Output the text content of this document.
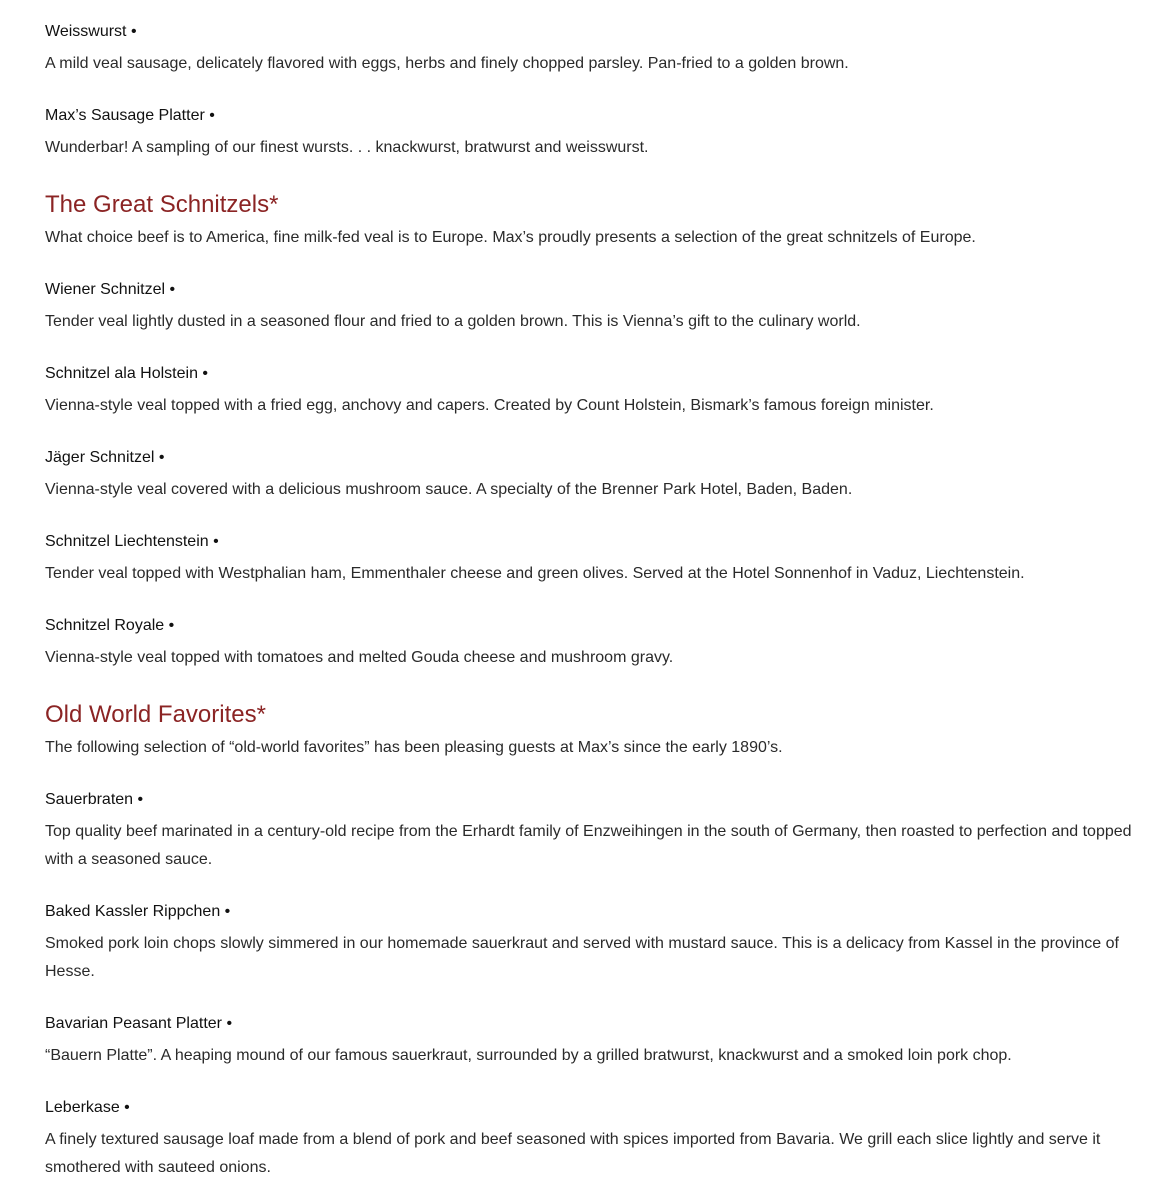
Weisswurst •

A mild veal sausage, delicately flavored with eggs, herbs and finely chopped parsley. Pan-fried to a golden brown.

Max’s Sausage Platter •

Wunderbar! A sampling of our finest wursts. . . knackwurst, bratwurst and weisswurst.

The Great Schnitzels*

What choice beef is to America, fine milk-fed veal is to Europe. Max’s proudly presents a selection of the great schnitzels of Europe.

Wiener Schnitzel •

Tender veal lightly dusted in a seasoned flour and fried to a golden brown. This is Vienna’s gift to the culinary world.

Schnitzel ala Holstein •

Vienna-style veal topped with a fried egg, anchovy and capers. Created by Count Holstein, Bismark’s famous foreign minister.

Jäger Schnitzel •

Vienna-style veal covered with a delicious mushroom sauce. A specialty of the Brenner Park Hotel, Baden, Baden.

Schnitzel Liechtenstein •

Tender veal topped with Westphalian ham, Emmenthaler cheese and green olives. Served at the Hotel Sonnenhof in Vaduz, Liechtenstein.

Schnitzel Royale •

Vienna-style veal topped with tomatoes and melted Gouda cheese and mushroom gravy.

Old World Favorites*

The following selection of “old-world favorites” has been pleasing guests at Max’s since the early 1890’s.

Sauerbraten •

Top quality beef marinated in a century-old recipe from the Erhardt family of Enzweihingen in the south of Germany, then roasted to perfection and topped with a seasoned sauce.

Baked Kassler Rippchen •

Smoked pork loin chops slowly simmered in our homemade sauerkraut and served with mustard sauce. This is a delicacy from Kassel in the province of Hesse.

Bavarian Peasant Platter •

“Bauern Platte”. A heaping mound of our famous sauerkraut, surrounded by a grilled bratwurst, knackwurst and a smoked loin pork chop.

Leberkase •

A finely textured sausage loaf made from a blend of pork and beef seasoned with spices imported from Bavaria. We grill each slice lightly and serve it smothered with sauteed onions.
